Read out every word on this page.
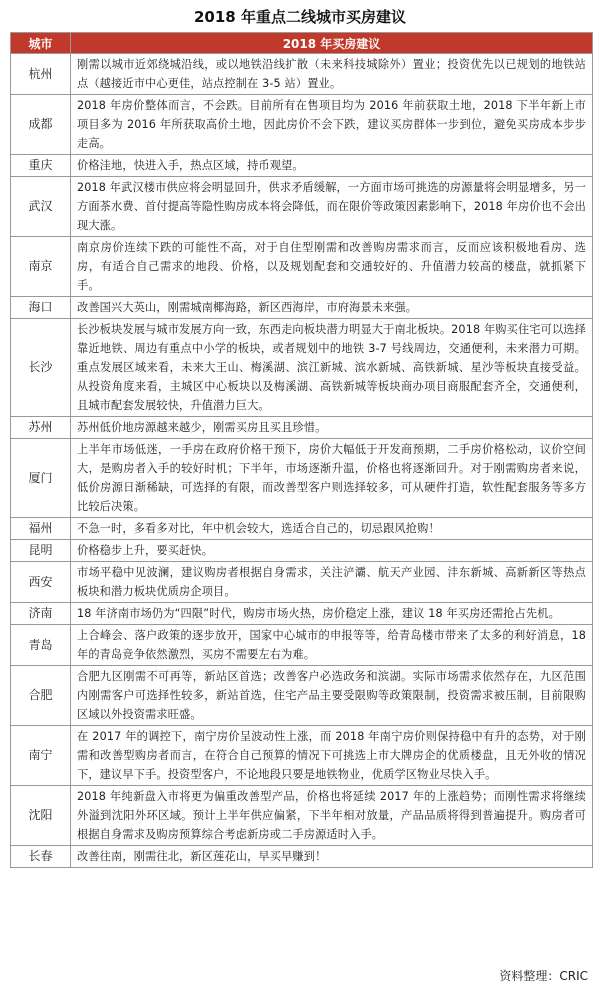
2018 年重点二线城市买房建议
城市	2018 年买房建议
杭州	刚需以城市近郊绕城沿线，或以地铁沿线扩散（未来科技城除外）置业；投资优先以已规划的地铁站点（越接近市中心更佳，站点控制在 3-5 站）置业。
成都	2018 年房价整体而言，不会跌。目前所有在售项目均为 2016 年前获取土地，2018 下半年新上市项目多为 2016 年所获取高价土地，因此房价不会下跌，建议买房群体一步到位，避免买房成本步步走高。
重庆	价格洼地，快进入手，热点区域，持币观望。
武汉	2018 年武汉楼市供应将会明显回升，供求矛盾缓解，一方面市场可挑选的房源量将会明显增多，另一方面茶水费、首付提高等隐性购房成本将会降低，而在限价等政策因素影响下，2018 年房价也不会出现大涨。
南京	南京房价连续下跌的可能性不高，对于自住型刚需和改善购房需求而言，反而应该积极地看房、选房，有适合自己需求的地段、价格，以及规划配套和交通较好的、升值潜力较高的楼盘，就抓紧下手。
海口	改善国兴大英山，刚需城南椰海路，新区西海岸，市府海景未来强。
长沙	长沙板块发展与城市发展方向一致，东西走向板块潜力明显大于南北板块。2018 年购买住宅可以选择靠近地铁、周边有重点中小学的板块，或者规划中的地铁 3-7 号线周边，交通便利，未来潜力可期。重点发展区域来看，未来大王山、梅溪湖、滨江新城、滨水新城、高铁新城、星沙等板块直接受益。从投资角度来看，主城区中心板块以及梅溪湖、高铁新城等板块商办项目商服配套齐全，交通便利，且城市配套发展较快，升值潜力巨大。
苏州	苏州低价地房源越来越少，刚需买房且买且珍惜。
厦门	上半年市场低迷，一手房在政府价格干预下，房价大幅低于开发商预期，二手房价格松动，议价空间大，是购房者入手的较好时机；下半年，市场逐渐升温，价格也将逐渐回升。对于刚需购房者来说，低价房源日渐稀缺，可选择的有限，而改善型客户则选择较多，可从硬件打造，软性配套服务等多方比较后决策。
福州	不急一时，多看多对比，年中机会较大，选适合自己的，切忌跟风抢购！
昆明	价格稳步上升，要买赶快。
西安	市场平稳中见波澜，建议购房者根据自身需求，关注浐灞、航天产业园、沣东新城、高新新区等热点板块和潜力板块优质房企项目。
济南	18 年济南市场仍为“四限”时代，购房市场火热，房价稳定上涨，建议 18 年买房还需抢占先机。
青岛	上合峰会、落户政策的逐步放开，国家中心城市的申报等等，给青岛楼市带来了太多的利好消息，18 年的青岛竞争依然激烈，买房不需要左右为难。
合肥	合肥九区刚需不可再等，新站区首选；改善客户必选政务和滨湖。实际市场需求依然存在，九区范围内刚需客户可选择性较多，新站首选，住宅产品主要受限购等政策限制，投资需求被压制，目前限购区域以外投资需求旺盛。
南宁	在 2017 年的调控下，南宁房价呈波动性上涨，而 2018 年南宁房价则保持稳中有升的态势，对于刚需和改善型购房者而言，在符合自己预算的情况下可挑选上市大牌房企的优质楼盘，且无外收的情况下，建议早下手。投资型客户，不论地段只要是地铁物业，优质学区物业尽快入手。
沈阳	2018 年纯新盘入市将更为偏重改善型产品，价格也将延续 2017 年的上涨趋势；而刚性需求将继续外溢到沈阳外环区域。预计上半年供应偏紧，下半年相对放量，产品品质将得到普遍提升。购房者可根据自身需求及购房预算综合考虑新房或二手房源适时入手。
长春	改善往南，刚需往北，新区莲花山，早买早赚到！
资料整理：CRIC
